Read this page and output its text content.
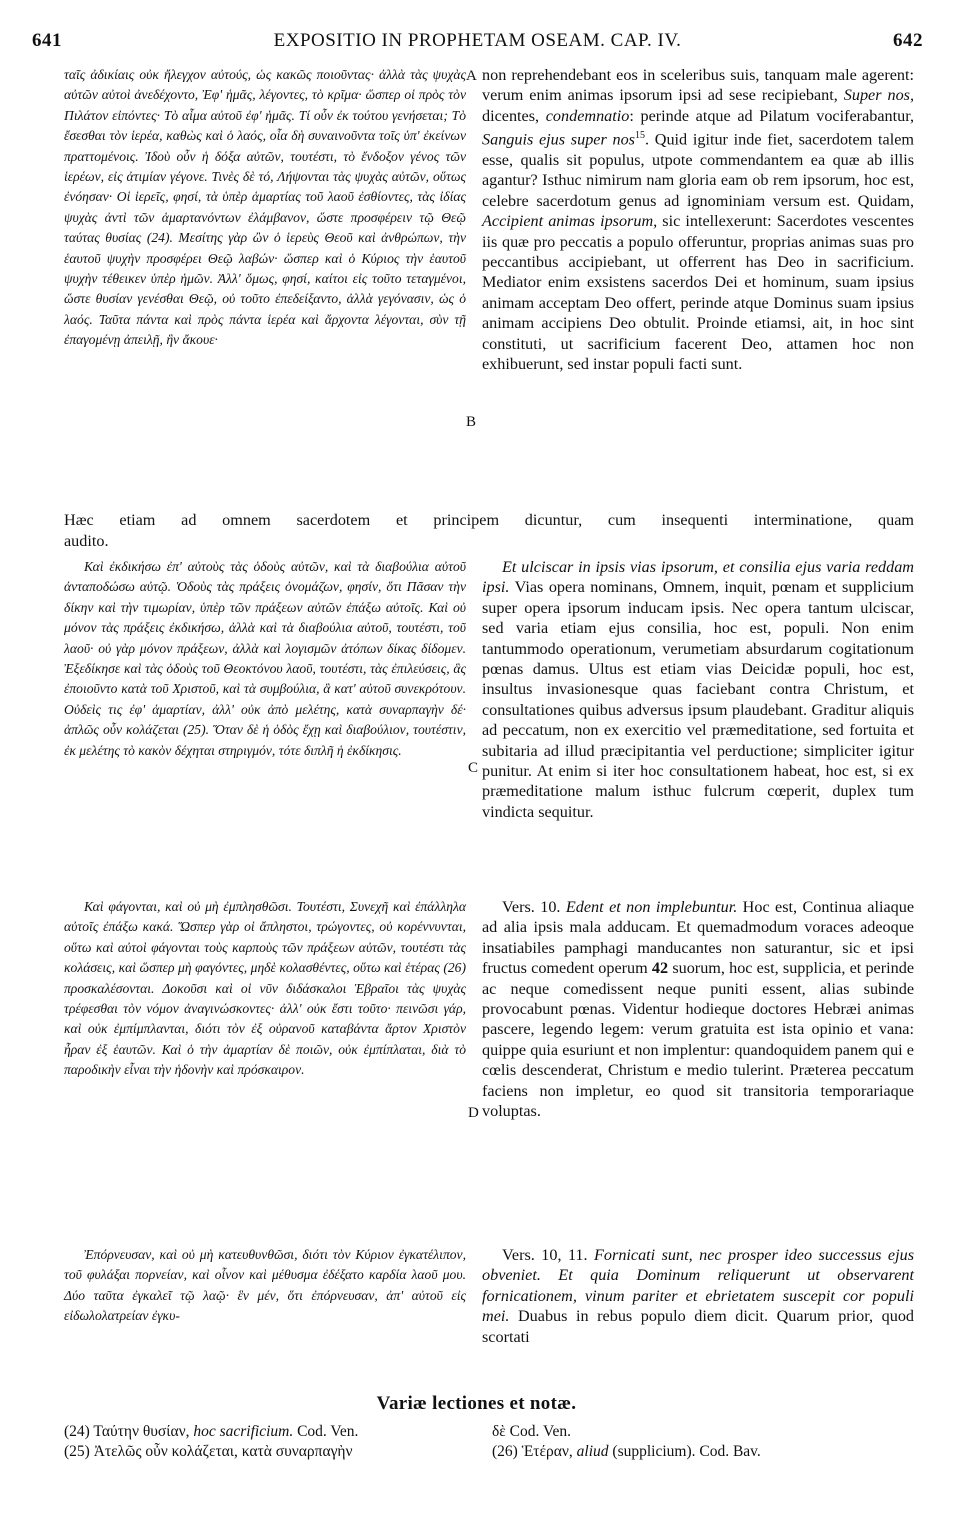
641	EXPOSITIO IN PROPHETAM OSEAM. CAP. IV.	642

ταῖς ἀδικίαις οὐκ ἤλεγχον αὐτούς, ὡς κακῶς ποιοῦντας· ἀλλὰ τὰς ψυχὰς αὐτῶν αὐτοὶ ἀνεδέχοντο, Ἐφ' ἡμᾶς, λέγοντες, τὸ κρῖμα· ὥσπερ οἱ πρὸς τὸν Πιλάτον εἰπόντες· Τὸ αἷμα αὐτοῦ ἐφ' ἡμᾶς. Τί οὖν ἐκ τούτου γενήσεται; Τὸ ἔσεσθαι τὸν ἱερέα, καθὼς καὶ ὁ λαός, οἷα δὴ συναινοῦντα τοῖς ὑπ' ἐκείνων πραττομένοις. Ἰδοὺ οὖν ἡ δόξα αὐτῶν, τουτέστι, τὸ ἔνδοξον γένος τῶν ἱερέων, εἰς ἀτιμίαν γέγονε. Τινὲς δὲ τό, Λήψονται τὰς ψυχὰς αὐτῶν, οὕτως ἐνόησαν· Οἱ ἱερεῖς, φησί, τὰ ὑπὲρ ἁμαρτίας τοῦ λαοῦ ἐσθίοντες, τὰς ἰδίας ψυχὰς ἀντὶ τῶν ἁμαρτανόντων ἐλάμβανον, ὥστε προσφέρειν τῷ Θεῷ ταύτας θυσίας (24). Μεσίτης γὰρ ὢν ὁ ἱερεὺς Θεοῦ καὶ ἀνθρώπων, τὴν ἑαυτοῦ ψυχὴν προσφέρει Θεῷ λαβών· ὥσπερ καὶ ὁ Κύριος τὴν ἑαυτοῦ ψυχὴν τέθεικεν ὑπὲρ ἡμῶν. Ἀλλ' ὅμως, φησί, καίτοι εἰς τοῦτο τεταγμένοι, ὥστε θυσίαν γενέσθαι Θεῷ, οὐ τοῦτο ἐπεδείξαντο, ἀλλὰ γεγόνασιν, ὡς ὁ λαός. Ταῦτα πάντα καὶ πρὸς πάντα ἱερέα καὶ ἄρχοντα λέγονται, σὺν τῇ ἐπαγομένῃ ἀπειλῇ, ἣν ἄκουε·

non reprehendebant eos in sceleribus suis, tanquam male agerent: verum enim animas ipsorum ipsi ad sese recipiebant, Super nos, dicentes, condemnatio: perinde atque ad Pilatum vociferabantur, Sanguis ejus super nos$^{15}$. Quid igitur inde fiet, sacerdotem talem esse, qualis sit populus, utpote commendantem ea quæ ab illis agantur? Isthuc nimirum nam gloria eam ob rem ipsorum, hoc est, celebre sacerdotum genus ad ignominiam versum est. Quidam, Accipient animas ipsorum, sic intellexerunt: Sacerdotes vescentes iis quæ pro peccatis a populo offeruntur, proprias animas suas pro peccantibus accipiebant, ut offerrent has Deo in sacrificium. Mediator enim exsistens sacerdos Dei et hominum, suam ipsius animam acceptam Deo offert, perinde atque Dominus suam ipsius animam accipiens Deo obtulit. Proinde etiamsi, ait, in hoc sint constituti, ut sacrificium facerent Deo, attamen hoc non exhibuerunt, sed instar populi facti sunt.

Hæc etiam ad omnem sacerdotem et principem dicuntur, cum insequenti interminatione, quam
audito.

Καὶ ἐκδικήσω ἐπ' αὐτοὺς τὰς ὁδοὺς αὐτῶν, καὶ τὰ διαβούλια αὐτοῦ ἀνταποδώσω αὐτῷ. Ὁδοὺς τὰς πράξεις ὀνομάζων, φησίν, ὅτι Πᾶσαν τὴν δίκην καὶ τὴν τιμωρίαν, ὑπὲρ τῶν πράξεων αὐτῶν ἐπάξω αὐτοῖς. Καὶ οὐ μόνον τὰς πράξεις ἐκδικήσω, ἀλλὰ καὶ τὰ διαβούλια αὐτοῦ, τουτέστι, τοῦ λαοῦ· οὐ γὰρ μόνον πράξεων, ἀλλὰ καὶ λογισμῶν ἀτόπων δίκας δίδομεν. Ἐξεδίκησε καὶ τὰς ὁδοὺς τοῦ Θεοκτόνου λαοῦ, τουτέστι, τὰς ἐπιλεύσεις, ἃς ἐποιοῦντο κατὰ τοῦ Χριστοῦ, καὶ τὰ συμβούλια, ἃ κατ' αὐτοῦ συνεκρότουν. Οὐδεὶς τις ἐφ' ἁμαρτίαν, ἀλλ' οὐκ ἀπὸ μελέτης, κατὰ συναρπαγὴν δέ· ἁπλῶς οὖν κολάζεται (25). Ὅταν δὲ ἡ ὁδὸς ἔχῃ καὶ διαβούλιον, τουτέστιν, ἐκ μελέτης τὸ κακὸν δέχηται στηριγμόν, τότε διπλῆ ἡ ἐκδίκησις.

Et ulciscar in ipsis vias ipsorum, et consilia ejus varia reddam ipsi. Vias opera nominans, Omnem, inquit, pœnam et supplicium super opera ipsorum inducam ipsis. Nec opera tantum ulciscar, sed varia etiam ejus consilia, hoc est, populi. Non enim tantummodo operationum, verumetiam absurdarum cogitationum pœnas damus. Ultus est etiam vias Deicidæ populi, hoc est, insultus invasionesque quas faciebant contra Christum, et consultationes quibus adversus ipsum plaudebant. Graditur aliquis ad peccatum, non ex exercitio vel præmeditatione, sed fortuita et subitaria ad illud præcipitantia vel perductione; simpliciter igitur punitur. At enim si iter hoc consultationem habeat, hoc est, si ex præmeditatione malum isthuc fulcrum cœperit, duplex tum vindicta sequitur.

Καὶ φάγονται, καὶ οὐ μὴ ἐμπλησθῶσι. Τουτέστι, Συνεχῆ καὶ ἐπάλληλα αὐτοῖς ἐπάξω κακά. Ὥσπερ γὰρ οἱ ἄπληστοι, τρώγοντες, οὐ κορέννυνται, οὕτω καὶ αὐτοὶ φάγονται τοὺς καρποὺς τῶν πράξεων αὐτῶν, τουτέστι τὰς κολάσεις, καὶ ὥσπερ μὴ φαγόντες, μηδὲ κολασθέντες, οὕτω καὶ ἑτέρας (26) προσκαλέσονται. Δοκοῦσι καὶ οἱ νῦν διδάσκαλοι Ἑβραῖοι τὰς ψυχὰς τρέφεσθαι τὸν νόμον ἀναγινώσκοντες· ἀλλ' οὐκ ἔστι τοῦτο· πεινῶσι γάρ, καὶ οὐκ ἐμπίμπλανται, διότι τὸν ἐξ οὐρανοῦ καταβάντα ἄρτον Χριστὸν ἦραν ἐξ ἑαυτῶν. Καὶ ὁ τὴν ἁμαρτίαν δὲ ποιῶν, οὐκ ἐμπίπλαται, διὰ τὸ παροδικὴν εἶναι τὴν ἡδονὴν καὶ πρόσκαιρον.

Vers. 10. Edent et non implebuntur. Hoc est, Continua aliaque ad alia ipsis mala adducam. Et quemadmodum voraces adeoque insatiabiles pamphagi manducantes non saturantur, sic et ipsi fructus comedent operum 42 suorum, hoc est, supplicia, et perinde ac neque comedissent neque puniti essent, alias subinde provocabunt pœnas. Videntur hodieque doctores Hebræi animas pascere, legendo legem: verum gratuita est ista opinio et vana: quippe quia esuriunt et non implentur: quandoquidem panem qui e cœlis descenderat, Christum e medio tulerint. Præterea peccatum faciens non impletur, eo quod sit transitoria temporariaque voluptas.

Ἐπόρνευσαν, καὶ οὐ μὴ κατευθυνθῶσι, διότι τὸν Κύριον ἐγκατέλιπον, τοῦ φυλάξαι πορνείαν, καὶ οἶνον καὶ μέθυσμα ἐδέξατο καρδία λαοῦ μου. Δύο ταῦτα ἐγκαλεῖ τῷ λαῷ· ἓν μέν, ὅτι ἐπόρνευσαν, ἀπ' αὐτοῦ εἰς εἰδωλολατρείαν ἐγκυ-

Vers. 10, 11. Fornicati sunt, nec prosper ideo successus ejus obveniet. Et quia Dominum reliquerunt ut observarent fornicationem, vinum pariter et ebrietatem suscepit cor populi mei. Duabus in rebus populo diem dicit. Quarum prior, quod scortati

A
B
C
D
Variæ lectiones et notæ.
(24) Ταύτην θυσίαν, hoc sacrificium. Cod. Ven.
(25) Ἀτελῶς οὖν κολάζεται, κατὰ συναρπαγὴν
δὲ Cod. Ven.
(26) Ἑτέραν, aliud (supplicium). Cod. Bav.
